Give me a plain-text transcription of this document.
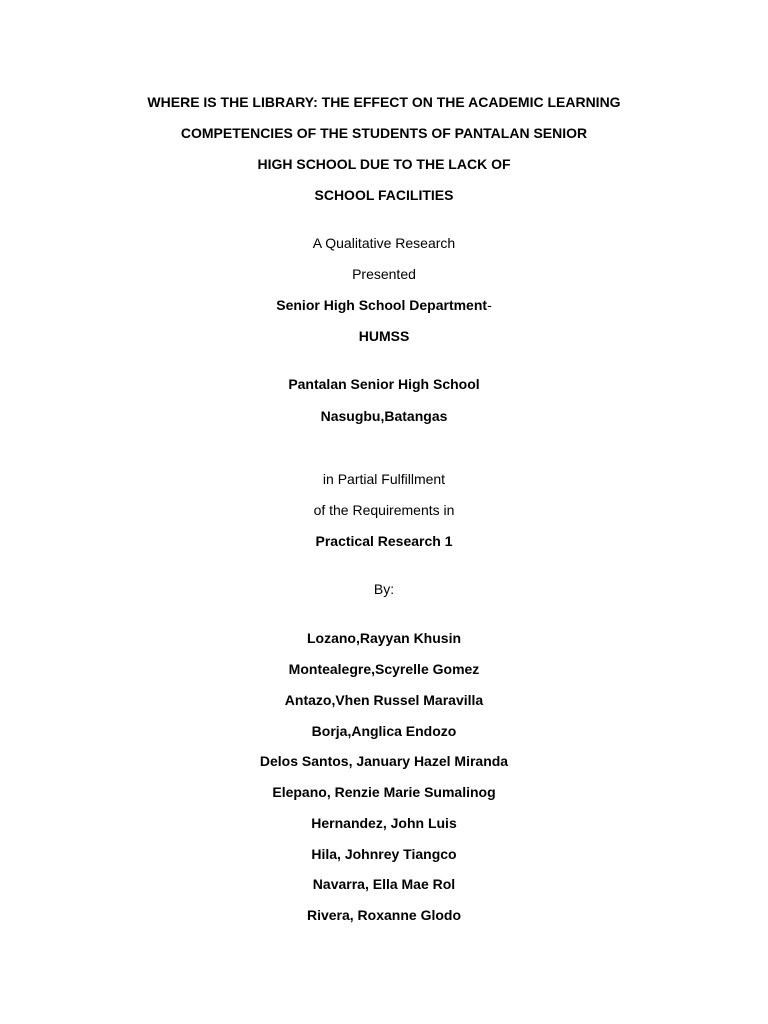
WHERE IS THE LIBRARY: THE EFFECT ON THE ACADEMIC LEARNING
COMPETENCIES OF THE STUDENTS OF PANTALAN SENIOR
HIGH SCHOOL DUE TO THE LACK OF
SCHOOL FACILITIES
A Qualitative Research
Presented
Senior High School Department-
HUMSS
Pantalan Senior High School
Nasugbu,Batangas
in Partial Fulfillment
of the Requirements in
Practical Research 1
By:
Lozano,Rayyan Khusin
Montealegre,Scyrelle Gomez
Antazo,Vhen Russel Maravilla
Borja,Anglica Endozo
Delos Santos, January Hazel Miranda
Elepano, Renzie Marie Sumalinog
Hernandez, John Luis
Hila, Johnrey Tiangco
Navarra, Ella Mae Rol
Rivera, Roxanne Glodo
